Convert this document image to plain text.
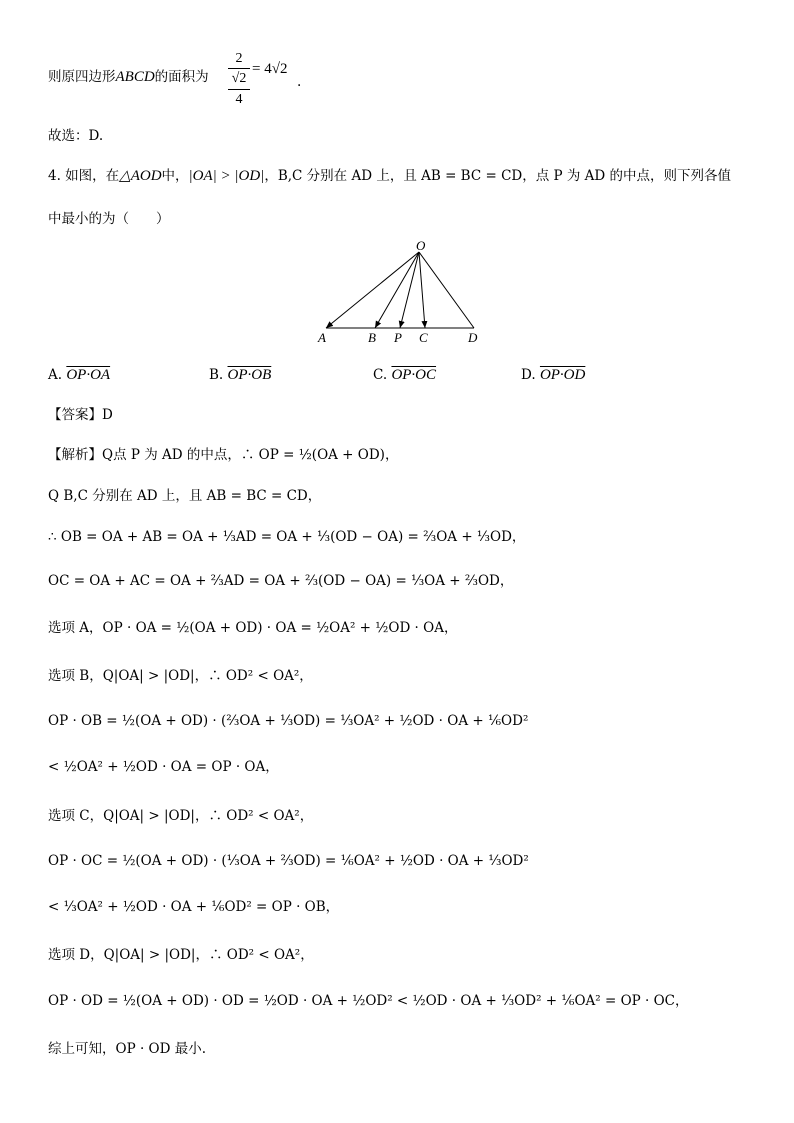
则原四边形ABCD的面积为
2
√2
4
= 4√2
.
故选：D.
4. 如图，在△AOD中，|OA| > |OD|，B,C 分别在 AD 上，且 AB = BC = CD，点 P 为 AD 的中点，则下列各值
中最小的为（　　）
O
A	B P C	D
A. OP·OA	B. OP·OB	C. OP·OC	D. OP·OD
【答案】D
【解析】Q点 P 为 AD 的中点，∴ OP = ½(OA + OD)，
Q B,C 分别在 AD 上，且 AB = BC = CD，
∴ OB = OA + AB = OA + ⅓AD = OA + ⅓(OD − OA) = ⅔OA + ⅓OD，
OC = OA + AC = OA + ⅔AD = OA + ⅔(OD − OA) = ⅓OA + ⅔OD，
选项 A，OP · OA = ½(OA + OD) · OA = ½OA² + ½OD · OA，
选项 B，Q|OA| > |OD|，∴ OD² < OA²，
OP · OB = ½(OA + OD) · (⅔OA + ⅓OD) = ⅓OA² + ½OD · OA + ⅙OD²
< ½OA² + ½OD · OA = OP · OA，
选项 C，Q|OA| > |OD|，∴ OD² < OA²，
OP · OC = ½(OA + OD) · (⅓OA + ⅔OD) = ⅙OA² + ½OD · OA + ⅓OD²
< ⅓OA² + ½OD · OA + ⅙OD² = OP · OB，
选项 D，Q|OA| > |OD|，∴ OD² < OA²，
OP · OD = ½(OA + OD) · OD = ½OD · OA + ½OD² < ½OD · OA + ⅓OD² + ⅙OA² = OP · OC，
综上可知，OP · OD 最小.
